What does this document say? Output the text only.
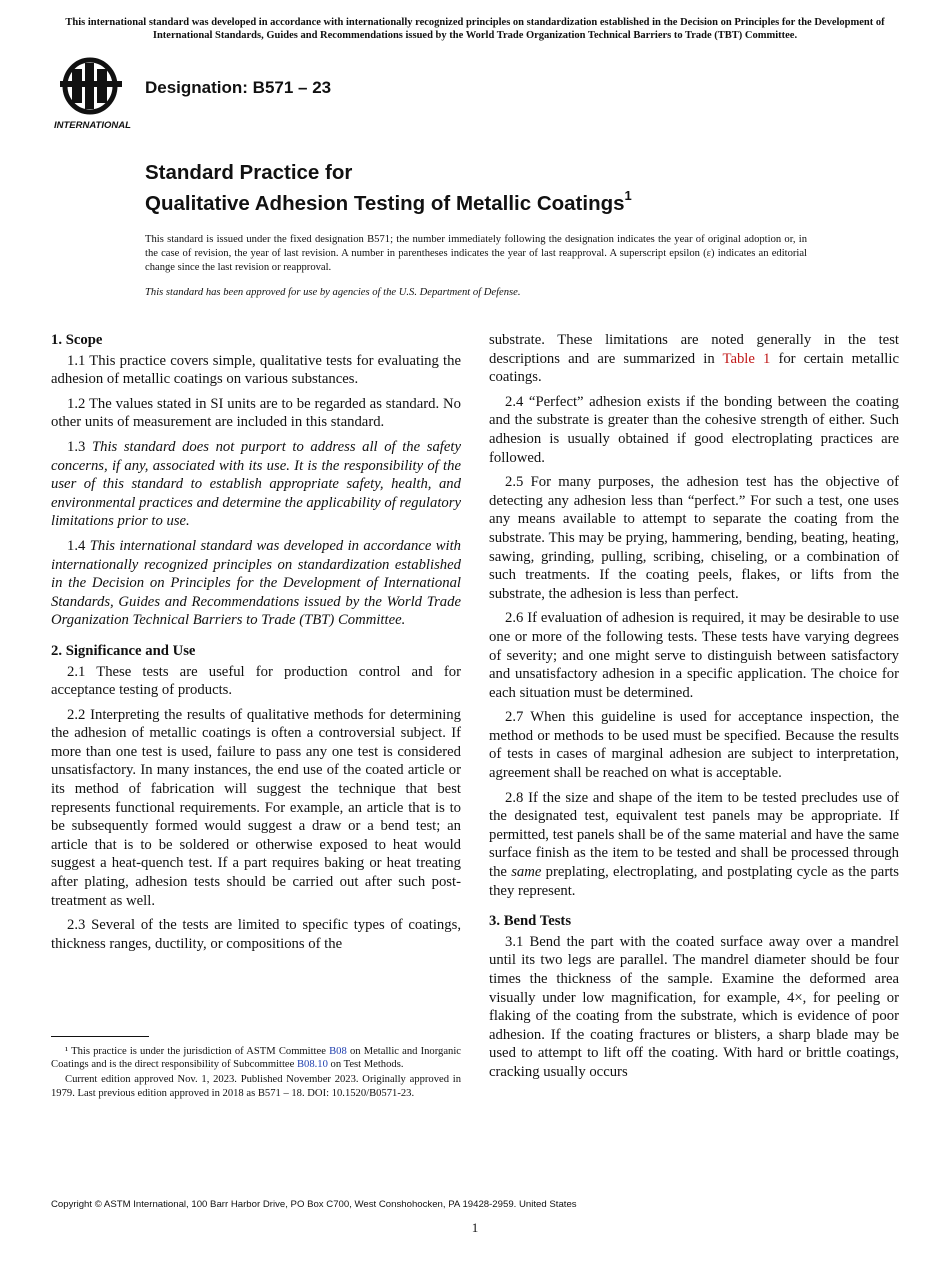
This international standard was developed in accordance with internationally recognized principles on standardization established in the Decision on Principles for the Development of International Standards, Guides and Recommendations issued by the World Trade Organization Technical Barriers to Trade (TBT) Committee.
INTERNATIONAL
Designation: B571 – 23
Standard Practice for
Qualitative Adhesion Testing of Metallic Coatings$^1$
This standard is issued under the fixed designation B571; the number immediately following the designation indicates the year of original adoption or, in the case of revision, the year of last revision. A number in parentheses indicates the year of last reapproval. A superscript epsilon (ε) indicates an editorial change since the last revision or reapproval.
This standard has been approved for use by agencies of the U.S. Department of Defense.
1. Scope

1.1 This practice covers simple, qualitative tests for evaluating the adhesion of metallic coatings on various substances.

1.2 The values stated in SI units are to be regarded as standard. No other units of measurement are included in this standard.

1.3 This standard does not purport to address all of the safety concerns, if any, associated with its use. It is the responsibility of the user of this standard to establish appropriate safety, health, and environmental practices and determine the applicability of regulatory limitations prior to use.

1.4 This international standard was developed in accordance with internationally recognized principles on standardization established in the Decision on Principles for the Development of International Standards, Guides and Recommendations issued by the World Trade Organization Technical Barriers to Trade (TBT) Committee.

2. Significance and Use

2.1 These tests are useful for production control and for acceptance testing of products.

2.2 Interpreting the results of qualitative methods for determining the adhesion of metallic coatings is often a controversial subject. If more than one test is used, failure to pass any one test is considered unsatisfactory. In many instances, the end use of the coated article or its method of fabrication will suggest the technique that best represents functional requirements. For example, an article that is to be subsequently formed would suggest a draw or a bend test; an article that is to be soldered or otherwise exposed to heat would suggest a heat-quench test. If a part requires baking or heat treating after plating, adhesion tests should be carried out after such post-treatment as well.

2.3 Several of the tests are limited to specific types of coatings, thickness ranges, ductility, or compositions of the

substrate. These limitations are noted generally in the test descriptions and are summarized in Table 1 for certain metallic coatings.

2.4 “Perfect” adhesion exists if the bonding between the coating and the substrate is greater than the cohesive strength of either. Such adhesion is usually obtained if good electroplating practices are followed.

2.5 For many purposes, the adhesion test has the objective of detecting any adhesion less than “perfect.” For such a test, one uses any means available to attempt to separate the coating from the substrate. This may be prying, hammering, bending, beating, heating, sawing, grinding, pulling, scribing, chiseling, or a combination of such treatments. If the coating peels, flakes, or lifts from the substrate, the adhesion is less than perfect.

2.6 If evaluation of adhesion is required, it may be desirable to use one or more of the following tests. These tests have varying degrees of severity; and one might serve to distinguish between satisfactory and unsatisfactory adhesion in a specific application. The choice for each situation must be determined.

2.7 When this guideline is used for acceptance inspection, the method or methods to be used must be specified. Because the results of tests in cases of marginal adhesion are subject to interpretation, agreement shall be reached on what is acceptable.

2.8 If the size and shape of the item to be tested precludes use of the designated test, equivalent test panels may be appropriate. If permitted, test panels shall be of the same material and have the same surface finish as the item to be tested and shall be processed through the same preplating, electroplating, and postplating cycle as the parts they represent.

3. Bend Tests

3.1 Bend the part with the coated surface away over a mandrel until its two legs are parallel. The mandrel diameter should be four times the thickness of the sample. Examine the deformed area visually under low magnification, for example, 4×, for peeling or flaking of the coating from the substrate, which is evidence of poor adhesion. If the coating fractures or blisters, a sharp blade may be used to attempt to lift off the coating. With hard or brittle coatings, cracking usually occurs

¹ This practice is under the jurisdiction of ASTM Committee B08 on Metallic and Inorganic Coatings and is the direct responsibility of Subcommittee B08.10 on Test Methods.

Current edition approved Nov. 1, 2023. Published November 2023. Originally approved in 1979. Last previous edition approved in 2018 as B571 – 18. DOI: 10.1520/B0571-23.

Copyright © ASTM International, 100 Barr Harbor Drive, PO Box C700, West Conshohocken, PA 19428-2959. United States
1
